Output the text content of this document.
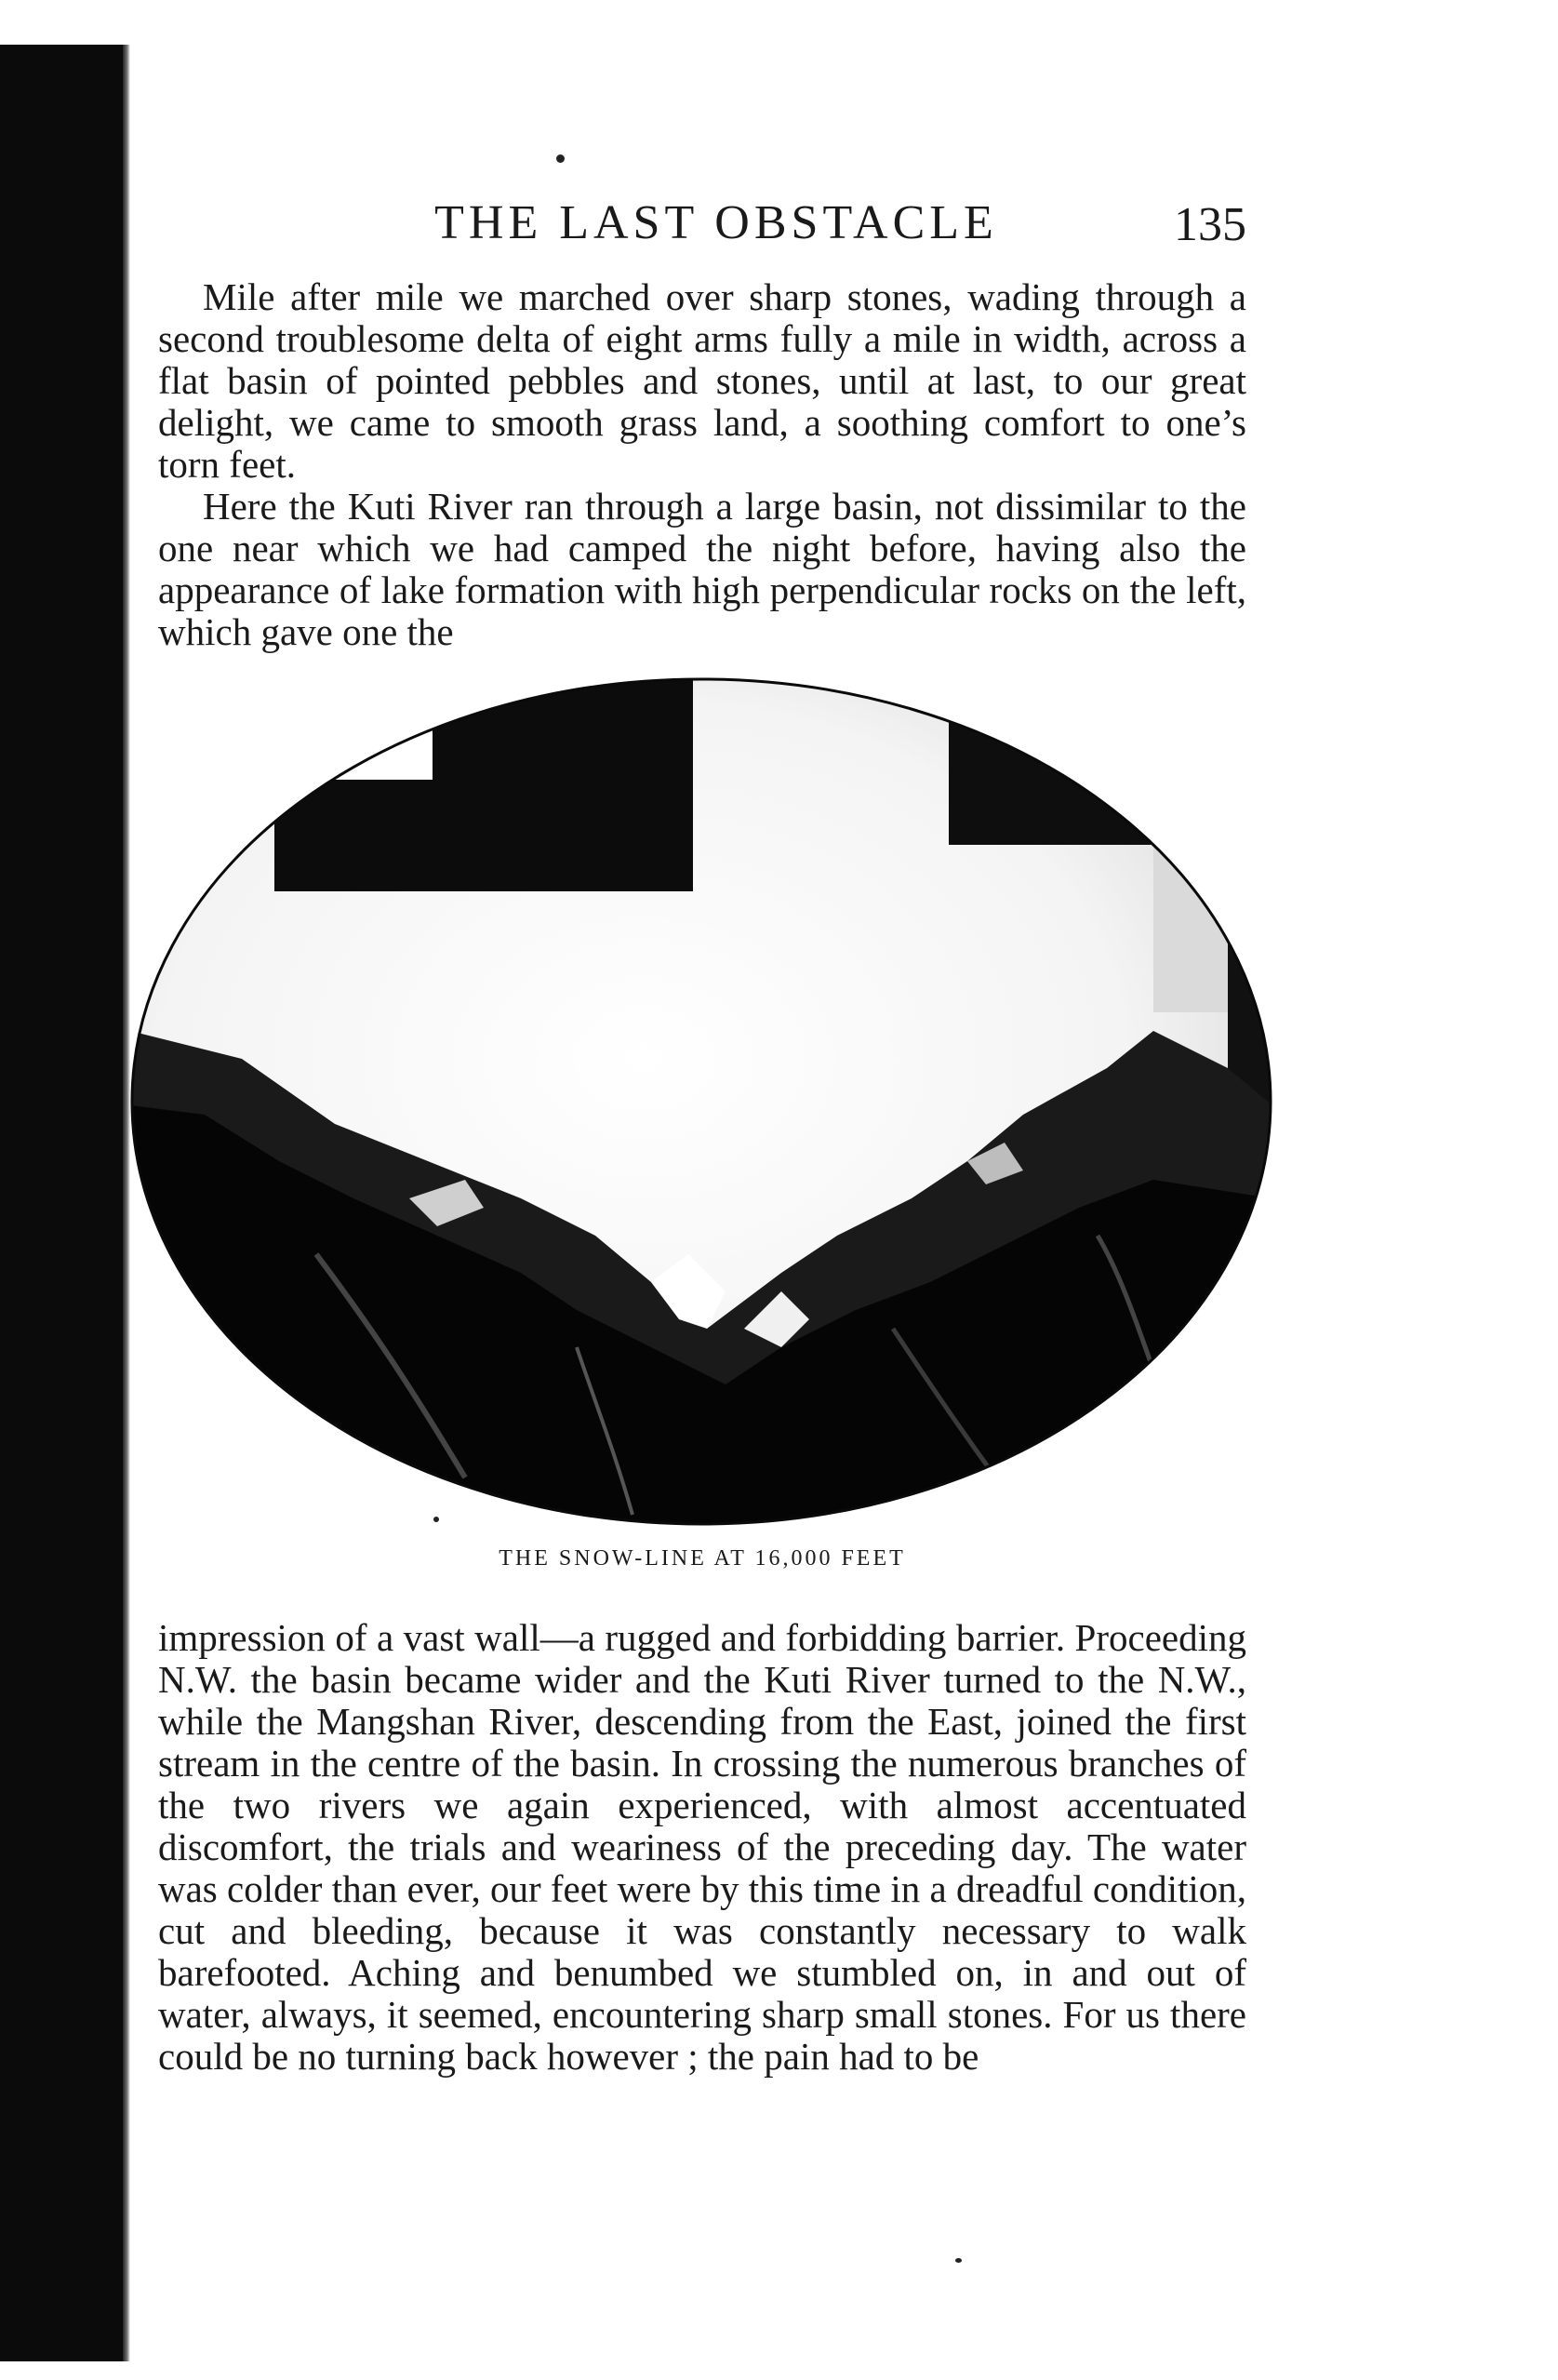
THE LAST OBSTACLE	135

Mile after mile we marched over sharp stones, wading through a second troublesome delta of eight arms fully a mile in width, across a flat basin of pointed pebbles and stones, until at last, to our great delight, we came to smooth grass land, a soothing comfort to one’s torn feet.

Here the Kuti River ran through a large basin, not dissimilar to the one near which we had camped the night before, having also the appearance of lake formation with high perpendicular rocks on the left, which gave one the

THE SNOW-LINE AT 16,000 FEET

impression of a vast wall—a rugged and forbidding barrier. Proceeding N.W. the basin became wider and the Kuti River turned to the N.W., while the Mangshan River, descending from the East, joined the first stream in the centre of the basin. In crossing the numerous branches of the two rivers we again experienced, with almost accentuated discomfort, the trials and weariness of the preceding day. The water was colder than ever, our feet were by this time in a dreadful condition, cut and bleeding, because it was constantly necessary to walk barefooted. Aching and benumbed we stumbled on, in and out of water, always, it seemed, encountering sharp small stones. For us there could be no turning back however ; the pain had to be
